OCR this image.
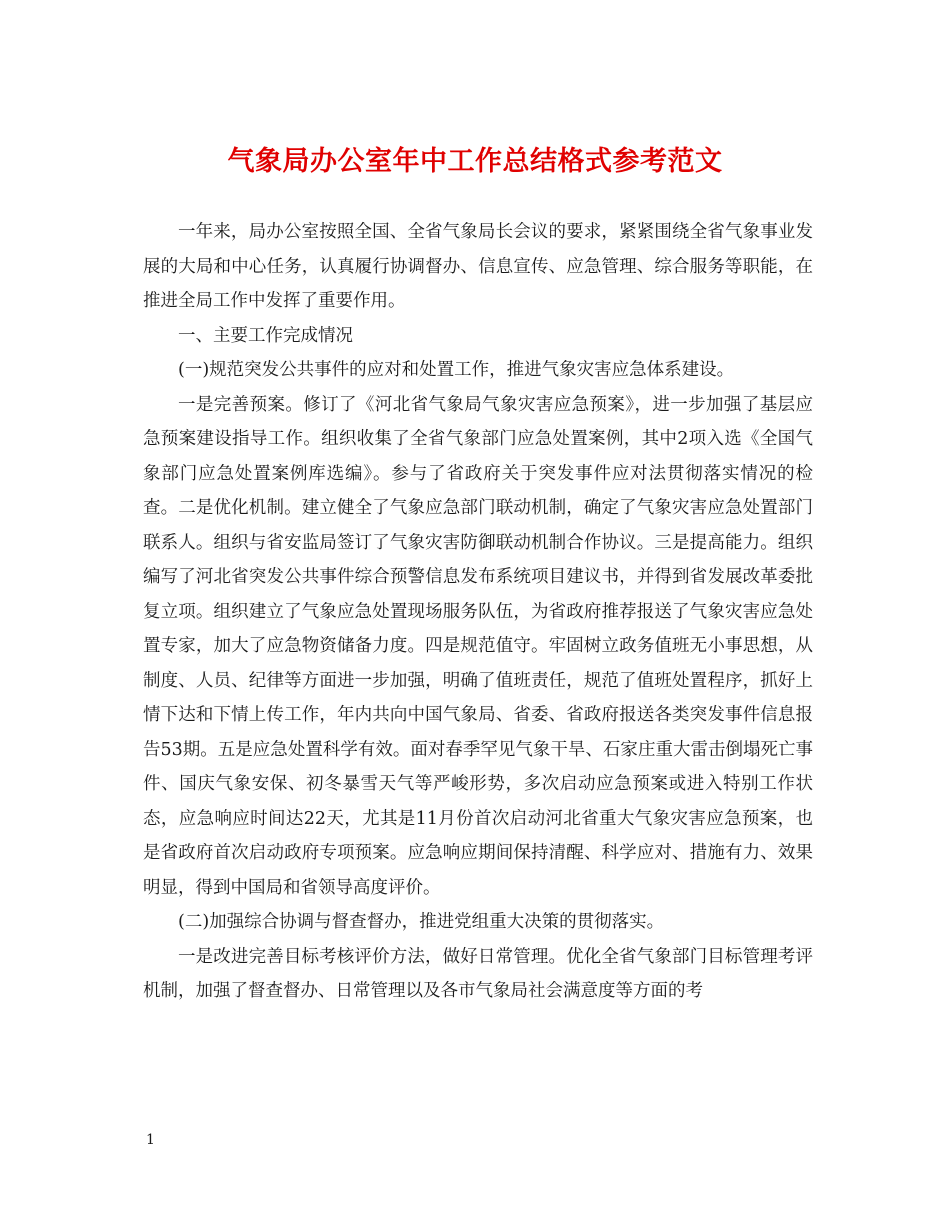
气象局办公室年中工作总结格式参考范文

一年来，局办公室按照全国、全省气象局长会议的要求，紧紧围绕全省气象事业发展的大局和中心任务，认真履行协调督办、信息宣传、应急管理、综合服务等职能，在推进全局工作中发挥了重要作用。

一、主要工作完成情况

(一)规范突发公共事件的应对和处置工作，推进气象灾害应急体系建设。

一是完善预案。修订了《河北省气象局气象灾害应急预案》，进一步加强了基层应急预案建设指导工作。组织收集了全省气象部门应急处置案例，其中2项入选《全国气象部门应急处置案例库选编》。参与了省政府关于突发事件应对法贯彻落实情况的检查。二是优化机制。建立健全了气象应急部门联动机制，确定了气象灾害应急处置部门联系人。组织与省安监局签订了气象灾害防御联动机制合作协议。三是提高能力。组织编写了河北省突发公共事件综合预警信息发布系统项目建议书，并得到省发展改革委批复立项。组织建立了气象应急处置现场服务队伍，为省政府推荐报送了气象灾害应急处置专家，加大了应急物资储备力度。四是规范值守。牢固树立政务值班无小事思想，从制度、人员、纪律等方面进一步加强，明确了值班责任，规范了值班处置程序，抓好上情下达和下情上传工作，年内共向中国气象局、省委、省政府报送各类突发事件信息报告53期。五是应急处置科学有效。面对春季罕见气象干旱、石家庄重大雷击倒塌死亡事件、国庆气象安保、初冬暴雪天气等严峻形势，多次启动应急预案或进入特别工作状态，应急响应时间达22天，尤其是11月份首次启动河北省重大气象灾害应急预案，也是省政府首次启动政府专项预案。应急响应期间保持清醒、科学应对、措施有力、效果明显，得到中国局和省领导高度评价。

(二)加强综合协调与督查督办，推进党组重大决策的贯彻落实。

一是改进完善目标考核评价方法，做好日常管理。优化全省气象部门目标管理考评机制，加强了督查督办、日常管理以及各市气象局社会满意度等方面的考

1
